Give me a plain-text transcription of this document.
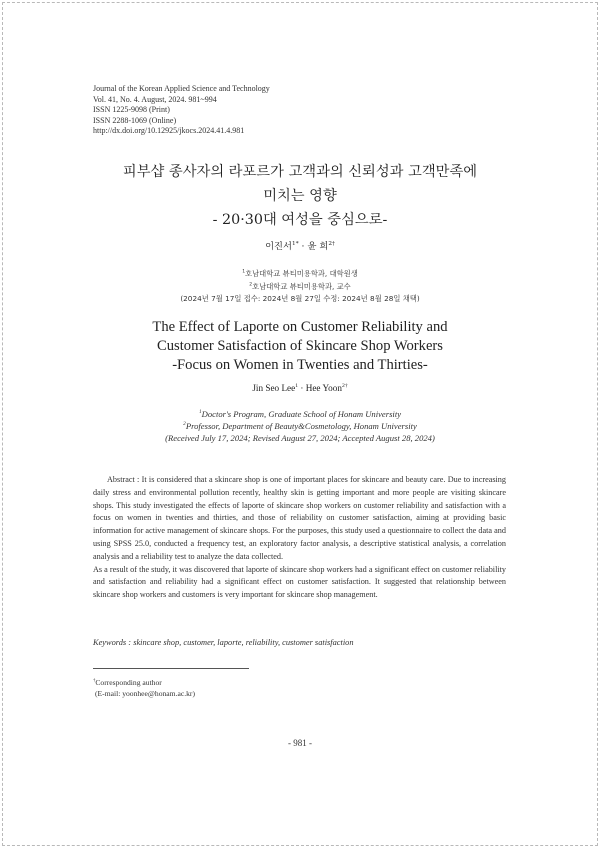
Journal of the Korean Applied Science and Technology
Vol. 41, No. 4. August, 2024. 981~994
ISSN 1225-9098 (Print)
ISSN 2288-1069 (Online)
http://dx.doi.org/10.12925/jkocs.2024.41.4.981
피부샵 종사자의 라포르가 고객과의 신뢰성과 고객만족에
미치는 영향
- 20·30대 여성을 중심으로-
이진서$^{1*}$ · 윤 희$^{2\dagger}$
$^1$호남대학교 뷰티미용학과, 대학원생
$^2$호남대학교 뷰티미용학과, 교수
(2024년 7월 17일 접수: 2024년 8월 27일 수정: 2024년 8월 28일 채택)
The Effect of Laporte on Customer Reliability and
Customer Satisfaction of Skincare Shop Workers
-Focus on Women in Twenties and Thirties-
Jin Seo Lee$^1$ · Hee Yoon$^{2\dagger}$
$^1$Doctor's Program, Graduate School of Honam University
$^2$Professor, Department of Beauty&Cosmetology, Honam University
(Received July 17, 2024; Revised August 27, 2024; Accepted August 28, 2024)

Abstract : It is considered that a skincare shop is one of important places for skincare and beauty care. Due to increasing daily stress and environmental pollution recently, healthy skin is getting important and more people are visiting skincare shops. This study investigated the effects of laporte of skincare shop workers on customer reliability and satisfaction with a focus on women in twenties and thirties, and those of reliability on customer satisfaction, aiming at providing basic information for active management of skincare shops. For the purposes, this study used a questionnaire to collect the data and using SPSS 25.0, conducted a frequency test, an exploratory factor analysis, a descriptive statistical analysis, a correlation analysis and a reliability test to analyze the data collected.

As a result of the study, it was discovered that laporte of skincare shop workers had a significant effect on customer reliability and satisfaction and reliability had a significant effect on customer satisfaction. It suggested that relationship between skincare shop workers and customers is very important for skincare shop management.

Keywords : skincare shop, customer, laporte, reliability, customer satisfaction
†Corresponding author
(E-mail: yoonhee@honam.ac.kr)
- 981 -
